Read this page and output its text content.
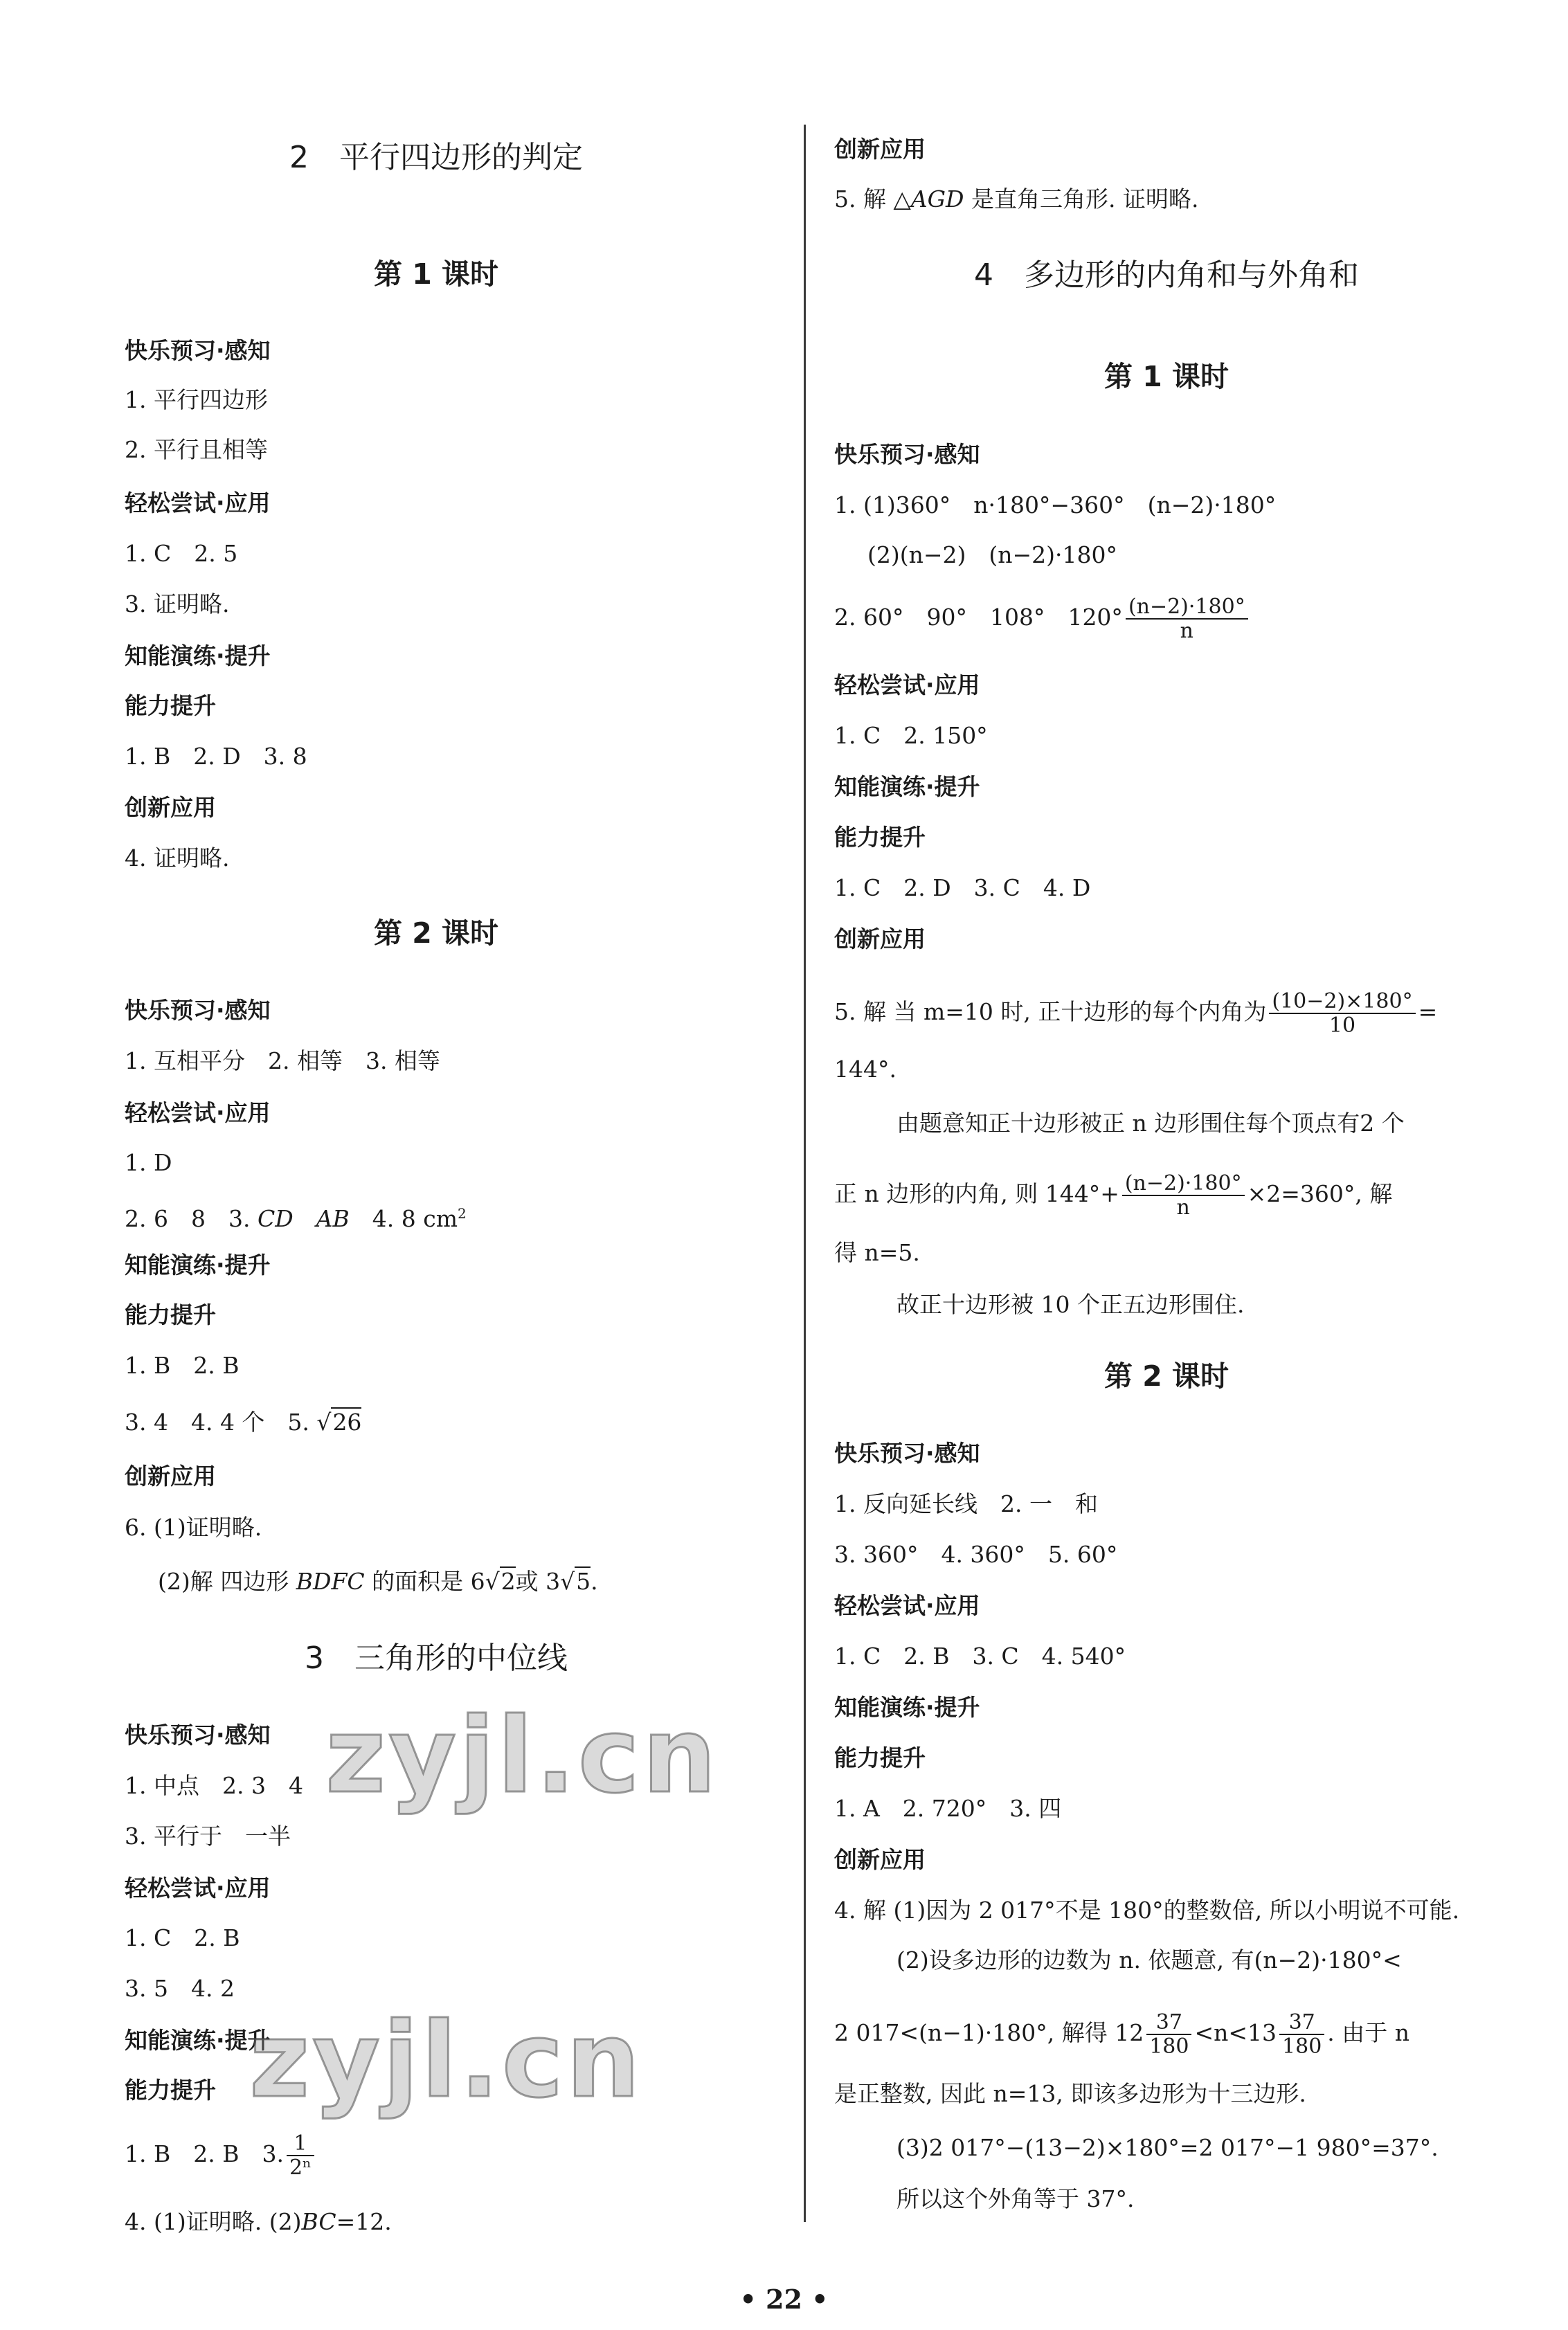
2　平行四边形的判定
第 1 课时
快乐预习·感知
1. 平行四边形
2. 平行且相等
轻松尝试·应用
1. C　2. 5
3. 证明略.
知能演练·提升
能力提升
1. B　2. D　3. 8
创新应用
4. 证明略.
第 2 课时
快乐预习·感知
1. 互相平分　2. 相等　3. 相等
轻松尝试·应用
1. D
2. 6　8　3. CD　 AB　4. 8 $cm^2$
知能演练·提升
能力提升
1. B　2. B
3. 4　4. 4 个　5. √26
创新应用
6. (1)证明略.
(2)解 四边形 BDFC 的面积是 6√2或 3√5.
3　三角形的中位线
快乐预习·感知
1. 中点　2. 3　4
3. 平行于　一半
轻松尝试·应用
1. C　2. B
3. 5　4. 2
知能演练·提升
能力提升
1. B　2. B　3. $\frac{1}{\text{2ⁿ}}$
4. (1)证明略. (2)BC=12.
创新应用
5. 解 △AGD 是直角三角形. 证明略.
4　多边形的内角和与外角和
第 1 课时
快乐预习·感知
1. (1)360°　n·180°−360°　(n−2)·180°
(2)(n−2)　(n−2)·180°
2. 60°　90°　108°　$120^\circ \frac{(n-2)\cdot 180^\circ}{n}$
轻松尝试·应用
1. C　2. 150°
知能演练·提升
能力提升
1. C　2. D　3. C　4. D
创新应用
5. 解 当 m=10 时, 正十边形的每个内角为 $\frac{(10-2)\times 180^\circ}{10}$ =
144°.
由题意知正十边形被正 n 边形围住每个顶点有2 个
正 n 边形的内角, 则 $144^\circ+ \frac{(n-2)\cdot 180^\circ}{n} \times 2=360^\circ$, 解
得 n=5.
故正十边形被 10 个正五边形围住.
第 2 课时
快乐预习·感知
1. 反向延长线　2. 一　和
3. 360°　4. 360°　5. 60°
轻松尝试·应用
1. C　2. B　3. C　4. 540°
知能演练·提升
能力提升
1. A　2. 720°　3. 四
创新应用
4. 解 (1)因为 2 017°不是 180°的整数倍, 所以小明说不可能.
(2)设多边形的边数为 n. 依题意, 有(n−2)·180°<
2 017<(n−1)·180°, 解得 $12 \frac{37}{180} <n<13 \frac{37}{180}$ . 由于 n
是正整数, 因此 n=13, 即该多边形为十三边形.
(3)2 017°−(13−2)×180°=2 017°−1 980°=37°.
所以这个外角等于 37°.
zyjl.cn
zyjl.cn
• 22 •
